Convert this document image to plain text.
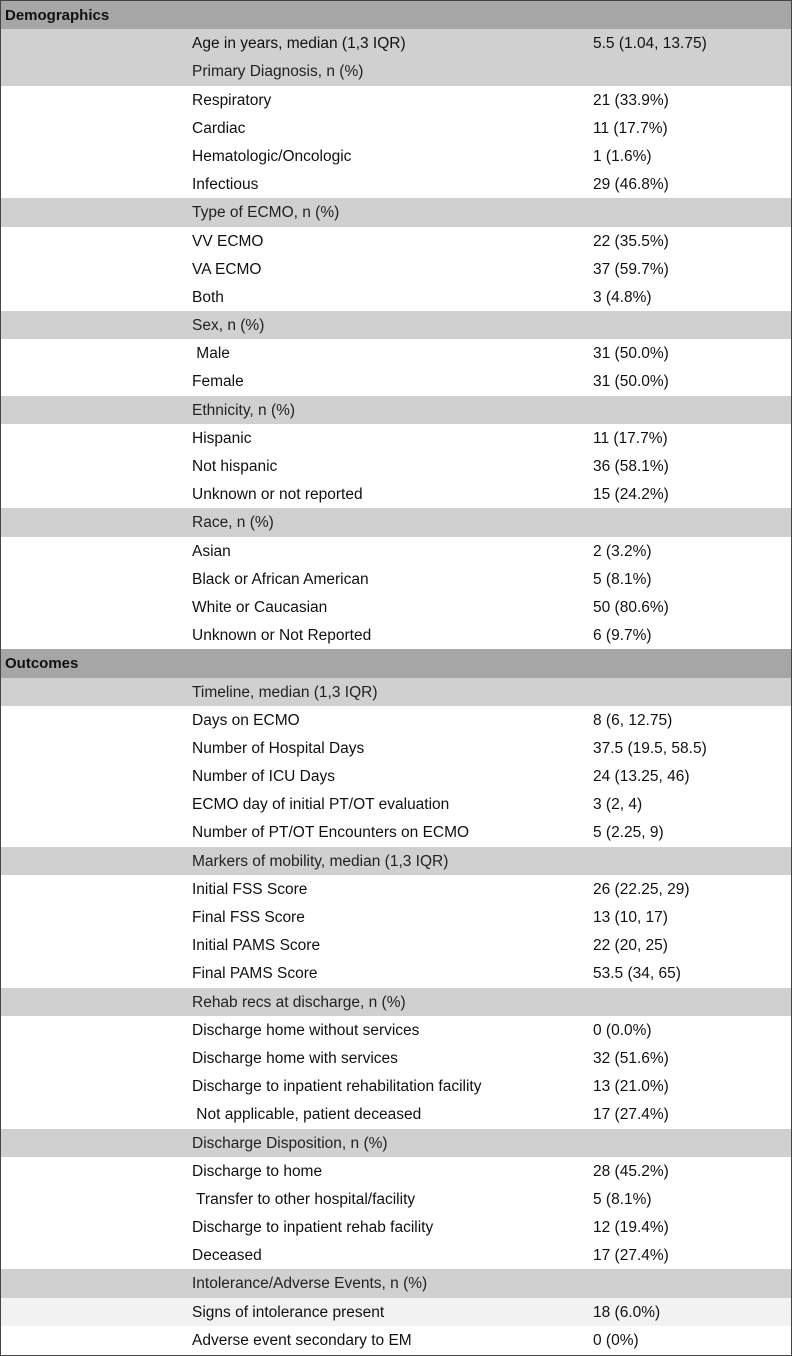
Demographics
Age in years, median (1,3 IQR)	5.5 (1.04, 13.75)
Primary Diagnosis, n (%)
Respiratory	21 (33.9%)
Cardiac	11 (17.7%)
Hematologic/Oncologic	1 (1.6%)
Infectious	29 (46.8%)
Type of ECMO, n (%)
VV ECMO	22 (35.5%)
VA ECMO	37 (59.7%)
Both	3 (4.8%)
Sex, n (%)
Male	31 (50.0%)
Female	31 (50.0%)
Ethnicity, n (%)
Hispanic	11 (17.7%)
Not hispanic	36 (58.1%)
Unknown or not reported	15 (24.2%)
Race, n (%)
Asian	2 (3.2%)
Black or African American	5 (8.1%)
White or Caucasian	50 (80.6%)
Unknown or Not Reported	6 (9.7%)
Outcomes
Timeline, median (1,3 IQR)
Days on ECMO	8 (6, 12.75)
Number of Hospital Days	37.5 (19.5, 58.5)
Number of ICU Days	24 (13.25, 46)
ECMO day of initial PT/OT evaluation	3 (2, 4)
Number of PT/OT Encounters on ECMO	5 (2.25, 9)
Markers of mobility, median (1,3 IQR)
Initial FSS Score	26 (22.25, 29)
Final FSS Score	13 (10, 17)
Initial PAMS Score	22 (20, 25)
Final PAMS Score	53.5 (34, 65)
Rehab recs at discharge, n (%)
Discharge home without services	0 (0.0%)
Discharge home with services	32 (51.6%)
Discharge to inpatient rehabilitation facility	13 (21.0%)
Not applicable, patient deceased	17 (27.4%)
Discharge Disposition, n (%)
Discharge to home	28 (45.2%)
Transfer to other hospital/facility	5 (8.1%)
Discharge to inpatient rehab facility	12 (19.4%)
Deceased	17 (27.4%)
Intolerance/Adverse Events, n (%)
Signs of intolerance present	18 (6.0%)
Adverse event secondary to EM	0 (0%)
